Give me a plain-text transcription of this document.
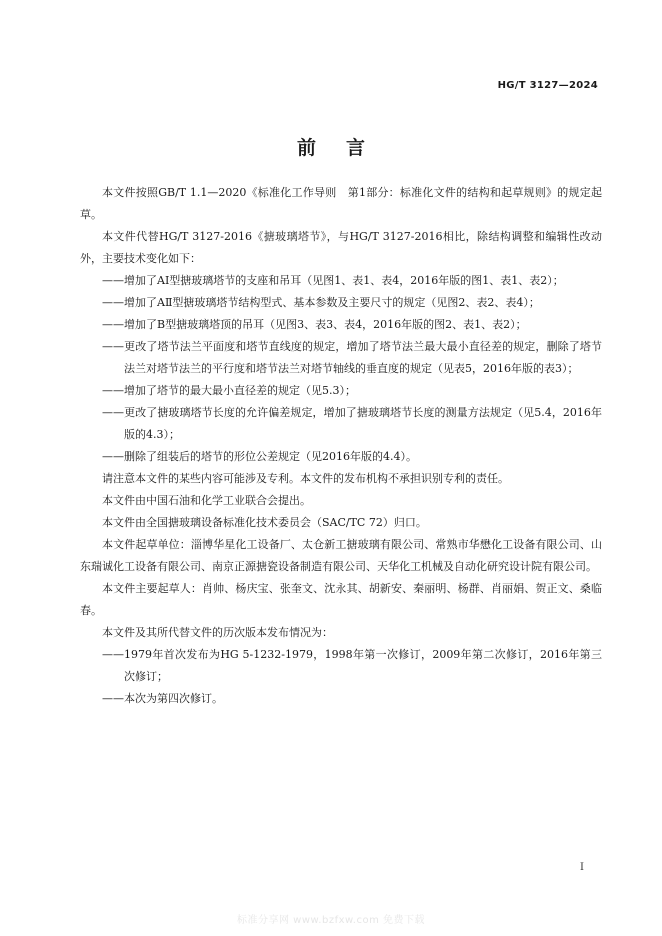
HG/T 3127—2024
前言

本文件按照GB/T 1.1—2020《标准化工作导则　第1部分：标准化文件的结构和起草规则》的规定起草。

本文件代替HG/T 3127-2016《搪玻璃塔节》，与HG/T 3127-2016相比，除结构调整和编辑性改动外，主要技术变化如下：

——增加了AⅠ型搪玻璃塔节的支座和吊耳（见图1、表1、表4，2016年版的图1、表1、表2）；

——增加了AⅡ型搪玻璃塔节结构型式、基本参数及主要尺寸的规定（见图2、表2、表4）；

——增加了B型搪玻璃塔顶的吊耳（见图3、表3、表4，2016年版的图2、表1、表2）；

——更改了塔节法兰平面度和塔节直线度的规定，增加了塔节法兰最大最小直径差的规定，删除了塔节法兰对塔节法兰的平行度和塔节法兰对塔节轴线的垂直度的规定（见表5，2016年版的表3）；

——增加了塔节的最大最小直径差的规定（见5.3）；

——更改了搪玻璃塔节长度的允许偏差规定，增加了搪玻璃塔节长度的测量方法规定（见5.4，2016年版的4.3）；

——删除了组装后的塔节的形位公差规定（见2016年版的4.4）。

请注意本文件的某些内容可能涉及专利。本文件的发布机构不承担识别专利的责任。

本文件由中国石油和化学工业联合会提出。

本文件由全国搪玻璃设备标准化技术委员会（SAC/TC 72）归口。

本文件起草单位：淄博华星化工设备厂、太仓新工搪玻璃有限公司、常熟市华懋化工设备有限公司、山东瑞诚化工设备有限公司、南京正源搪瓷设备制造有限公司、天华化工机械及自动化研究设计院有限公司。

本文件主要起草人：肖帅、杨庆宝、张奎文、沈永其、胡新安、秦丽明、杨群、肖丽娟、贺正文、桑临春。

本文件及其所代替文件的历次版本发布情况为：

——1979年首次发布为HG 5-1232-1979，1998年第一次修订，2009年第二次修订，2016年第三次修订；

——本次为第四次修订。

I
标准分享网 www.bzfxw.com 免费下载
